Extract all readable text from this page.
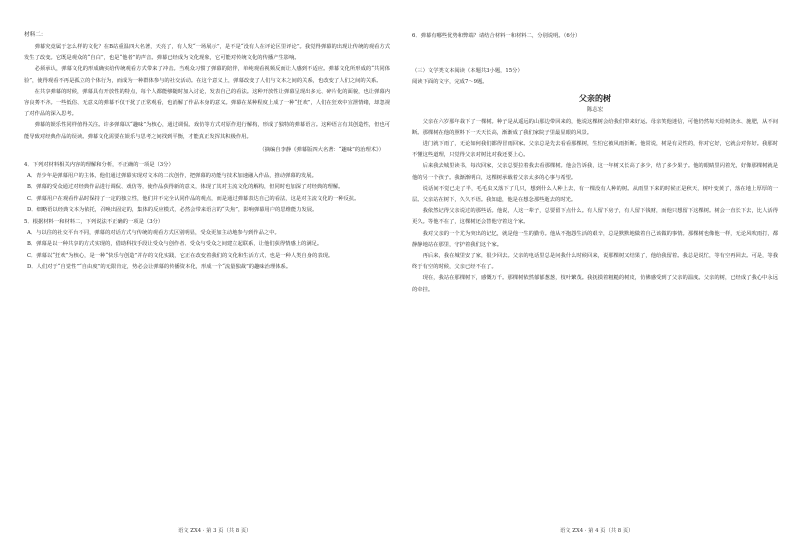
材料二：

弹幕究竟属于怎么样的文化？在B站重温四大名著，天亮了，有人发“一场展示”，是不是“没有人在评论区里评论”。我觉得弹幕的出现让传统的观看方式发生了改变。它既是观众的“自白”，也是“他者”的声音。弹幕已经成为文化现象，它可能对传统文化的传播产生影响。

必须承认，弹幕文化的形成确实给传统观看方式带来了冲击。当观众习惯了弹幕的陪伴，单纯观看视频反而让人感到不适应。弹幕文化所形成的“共同体验”，使得观看不再是孤立的个体行为，而成为一种群体参与的社交活动。在这个意义上，弹幕改变了人们与文本之间的关系，也改变了人们之间的关系。

在共享弹幕的时候，弹幕具有开放性的特点，每个人都能够随时加入讨论，发表自己的看法。这种开放性让弹幕呈现出多元、碎片化的面貌，也让弹幕内容良莠不齐。一些低俗、无意义的弹幕不仅干扰了正常观看，也消解了作品本身的意义。弹幕在某种程度上成了一种“狂欢”，人们在狂欢中宣泄情绪，却忽视了对作品的深入思考。

弹幕的娱乐性同样值得关注。许多弹幕以“趣味”为核心，通过调侃、戏仿等方式对原作进行解构，形成了独特的弹幕语言。这种语言有其创造性，但也可能导致对经典作品的误读。弹幕文化需要在娱乐与思考之间找到平衡，才能真正发挥其积极作用。

（摘编自李静《弹幕版四大名著：“趣味”的治理术》）

4．下列对材料相关内容的理解和分析，不正确的一项是（3分）

A．青少年是弹幕用户的主体，他们通过弹幕实现对文本的二次创作，把弹幕的功能与技术加速融入作品，推动弹幕的发展。

B．弹幕的受众通过对经典作品进行调侃、戏仿等，使作品获得新的意义，体现了其对主流文化的解构，但同时也加深了对经典的理解。

C．弹幕用户在观看作品时保持了一定的独立性，他们并不完全认同作品的观点，而是通过弹幕表达自己的看法，这是对主流文化的一种反抗。

D．细略语以经典文本为依托，召唤出固定的，集体的反应模式，必然会带来语言的“失焦”，影响弹幕用户的思维能力发展。

5．根据材料一和材料二，下列说法不正确的一项是（3分）

A．与以往的社交平台不同，弹幕的对话方式与传统的观看方式区别明显，受众更加主动地参与到作品之中。

B．弹幕是以一种共享的方式实现的，借助科技手段让受众与创作者、受众与受众之间建立起联系，让他们获得情感上的满足。

C．弹幕以“狂欢”为核心，是一种“快乐与创造”并存的文化实践，它正在改变着我们的文化和生活方式，也是一种人类自身的表现。

D．人们对于“自觉性”“自由度”的无限肯定，势必会让弹幕的传播资本化，形成一个“流量独裁”的趣味治理体系。

6．弹幕有哪些优势和弊端？请结合材料一和材料二，分别说明。（6分）

（三）文学类文本阅读（本题共3小题，15分）

阅读下面的文字，完成7～9题。

父亲的树

陈志宏

父亲在六岁那年栽下了一棵树。种子是从遥远的山那边带回来的，他说这棵树会给我们带来好运。母亲笑他迷信，可他仍然每天给树浇水、施肥，从不间断。那棵树在他的照料下一天天长高，渐渐成了我们家院子里最显眼的风景。

进门就下雨了，无论如何我们都得冒雨回家。父亲总是先去看看那棵树，生怕它被风雨折断。他常说，树是有灵性的，你对它好，它就会对你好。我那时不懂这些道理，只觉得父亲对树比对我还要上心。

后来我去城里读书，每次回家，父亲总要拉着我去看那棵树。他会告诉我，这一年树又长高了多少，结了多少果子。他的眼睛里闪着光，好像那棵树就是他的另一个孩子。我渐渐明白，这棵树承载着父亲太多的心事与希望。

说话间不觉已走了半，毛毛虫又落下了几只，想到什么人种上去，有一棵没有人种的树。从雨里下来的时候正是秋天，树叶变黄了，落在地上厚厚的一层。父亲站在树下，久久不语。我知道，他是在想念那些逝去的时光。

我依然记得父亲说过的那些话。他说，人这一辈子，总要留下点什么。有人留下房子，有人留下钱财，而他只想留下这棵树。树会一直长下去，比人活得更久。等他不在了，这棵树还会替他守着这个家。

我对父亲的一个尤为突出的记忆，就是他一生的勤劳。他从不抱怨生活的艰辛，总是默默地做着自己该做的事情。那棵树也像他一样，无论风吹雨打，都静静地站在那里，守护着我们这个家。

再后来，我在城里安了家，很少回去。父亲的电话里总是问我什么时候回来，说那棵树又结果了，他给我留着。我总是说忙，等有空再回去。可是，等我终于有空的时候，父亲已经不在了。

现在，我站在那棵树下，感慨万千。那棵树依然郁郁葱葱，枝叶繁茂。我抚摸着粗糙的树皮，仿佛感受到了父亲的温度。父亲的树，已经成了我心中永远的牵挂。

语文 ZX4 · 第 3 页（共 8 页）	语文 ZX4 · 第 4 页（共 8 页）
